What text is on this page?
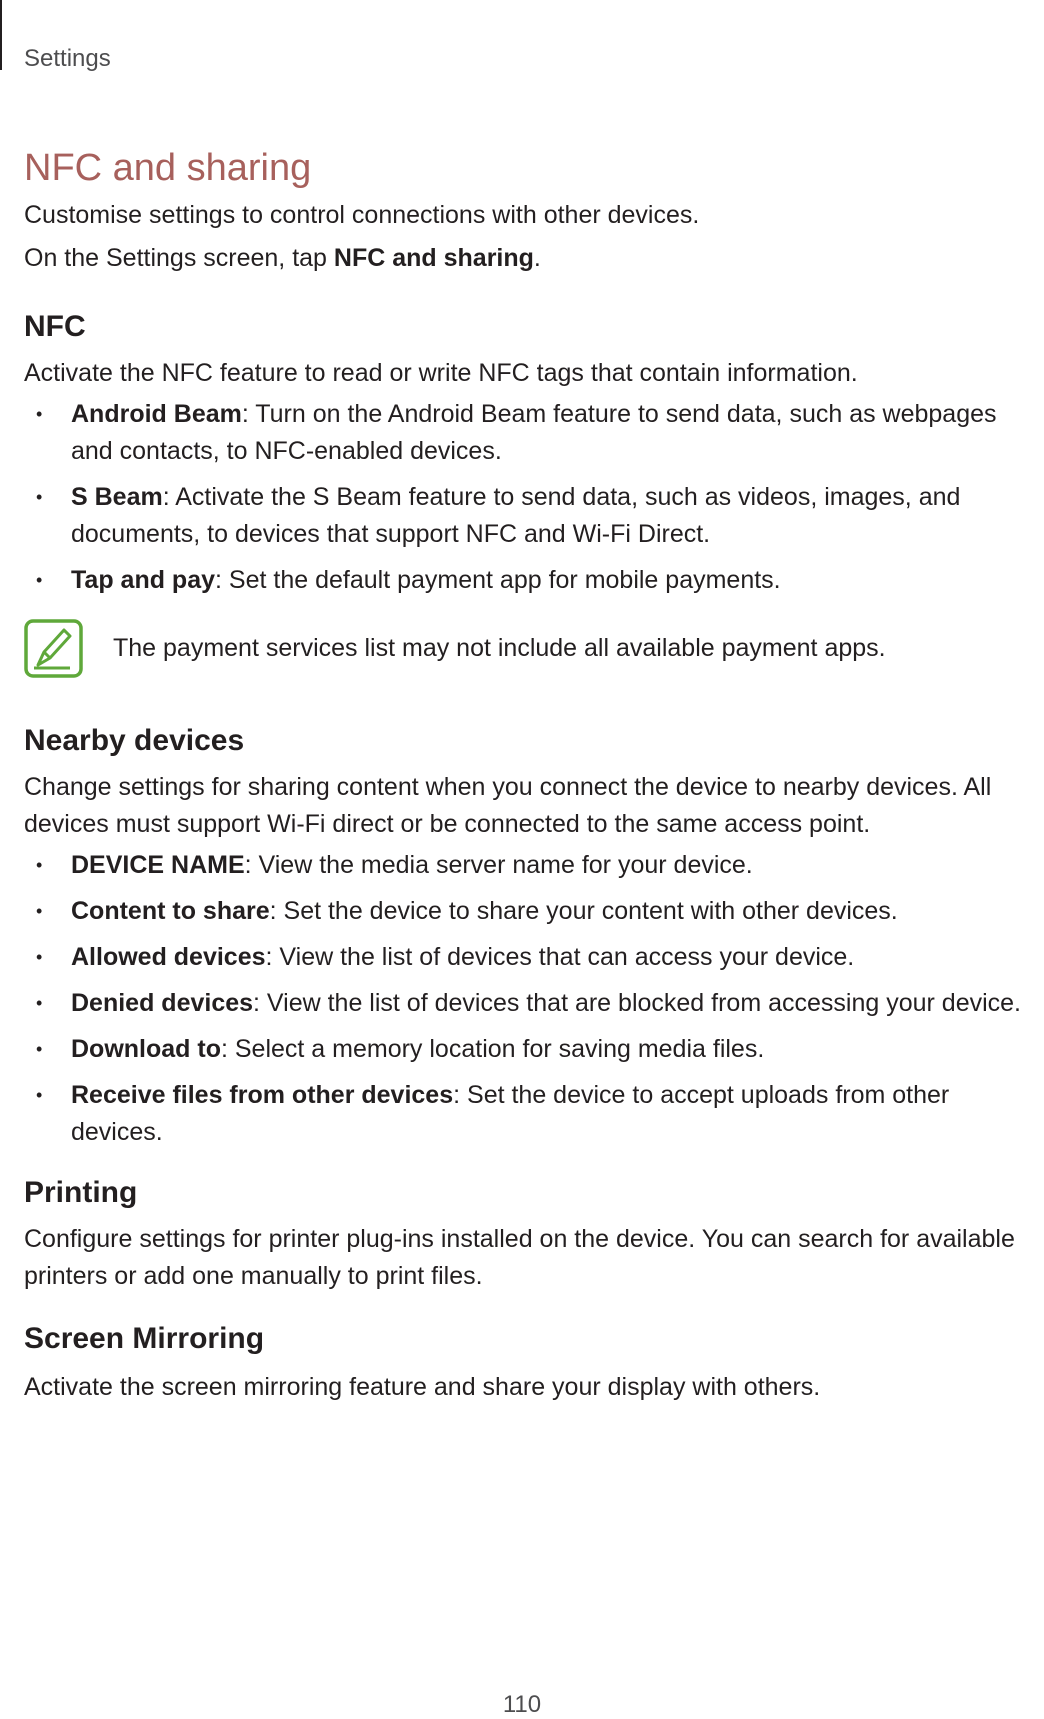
Settings
NFC and sharing

Customise settings to control connections with other devices.

On the Settings screen, tap NFC and sharing.

NFC

Activate the NFC feature to read or write NFC tags that contain information.

• Android Beam: Turn on the Android Beam feature to send data, such as webpages and contacts, to NFC-enabled devices.
• S Beam: Activate the S Beam feature to send data, such as videos, images, and documents, to devices that support NFC and Wi-Fi Direct.
• Tap and pay: Set the default payment app for mobile payments.
The payment services list may not include all available payment apps.
Nearby devices

Change settings for sharing content when you connect the device to nearby devices. All devices must support Wi-Fi direct or be connected to the same access point.

• DEVICE NAME: View the media server name for your device.
• Content to share: Set the device to share your content with other devices.
• Allowed devices: View the list of devices that can access your device.
• Denied devices: View the list of devices that are blocked from accessing your device.
• Download to: Select a memory location for saving media files.
• Receive files from other devices: Set the device to accept uploads from other devices.
Printing

Configure settings for printer plug-ins installed on the device. You can search for available printers or add one manually to print files.

Screen Mirroring

Activate the screen mirroring feature and share your display with others.

110
